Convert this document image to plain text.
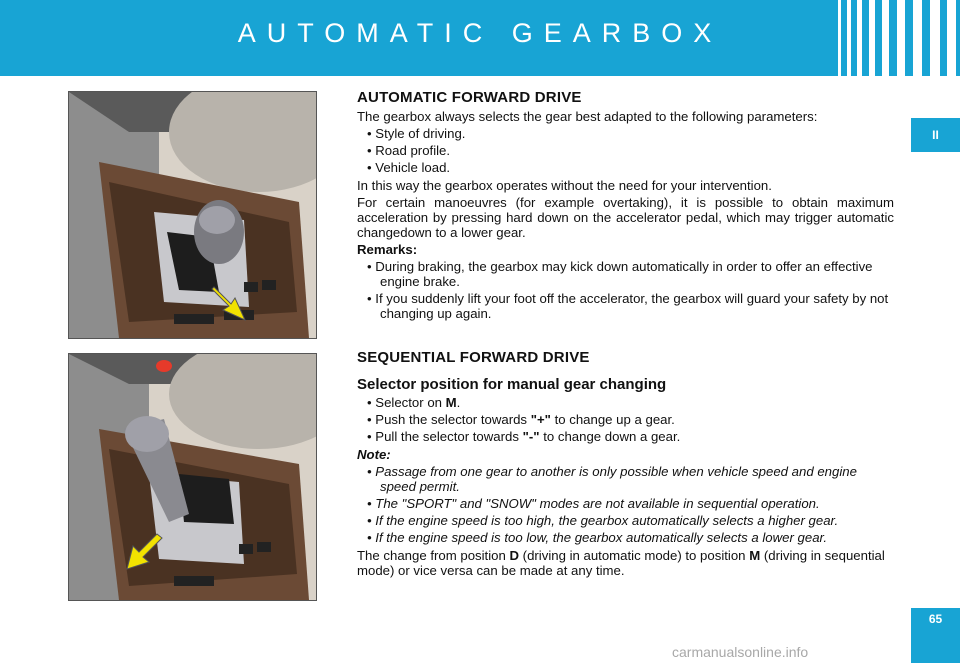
AUTOMATIC GEARBOX
II
65
AUTOMATIC FORWARD DRIVE

The gearbox always selects the gear best adapted to the following parameters:

• Style of driving.
• Road profile.
• Vehicle load.

In this way the gearbox operates without the need for your intervention.

For certain manoeuvres (for example overtaking), it is possible to obtain maximum acceleration by pressing hard down on the accelerator pedal, which may trigger automatic changedown to a lower gear.

Remarks:

• During braking, the gearbox may kick down automatically in order to offer an effective engine brake.
• If you suddenly lift your foot off the accelerator, the gearbox will guard your safety by not changing up again.
SEQUENTIAL FORWARD DRIVE
Selector position for manual gear changing
• Selector on M.
• Push the selector towards "+" to change up a gear.
• Pull the selector towards "-" to change down a gear.

Note:

• Passage from one gear to another is only possible when vehicle speed and engine speed permit.
• The "SPORT" and "SNOW" modes are not available in sequential operation.
• If the engine speed is too high, the gearbox automatically selects a higher gear.
• If the engine speed is too low, the gearbox automatically selects a lower gear.

The change from position D (driving in automatic mode) to position M (driving in sequential mode) or vice versa can be made at any time.

carmanualsonline.info
